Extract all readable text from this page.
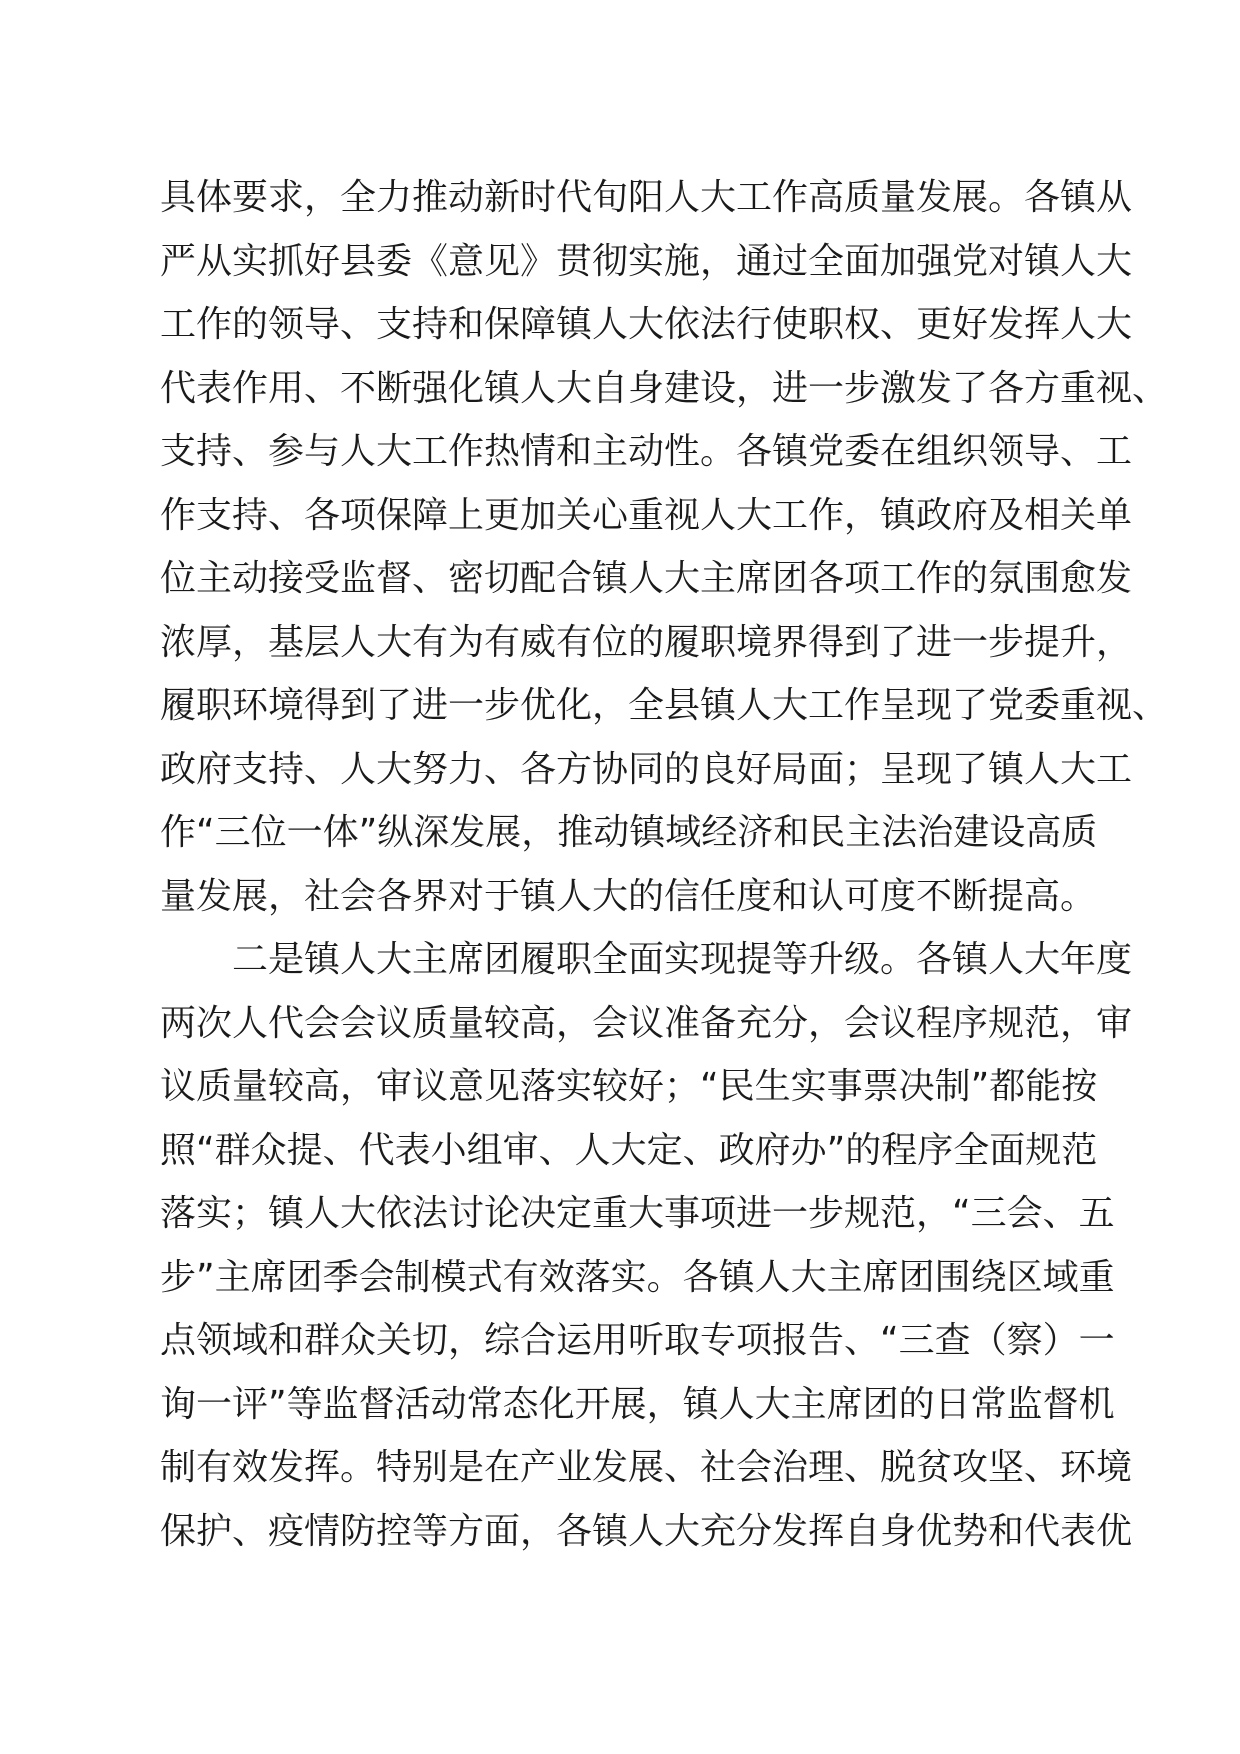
具体要求，全力推动新时代旬阳人大工作高质量发展。各镇从
严从实抓好县委《意见》贯彻实施，通过全面加强党对镇人大
工作的领导、支持和保障镇人大依法行使职权、更好发挥人大
代表作用、不断强化镇人大自身建设，进一步激发了各方重视、
支持、参与人大工作热情和主动性。各镇党委在组织领导、工
作支持、各项保障上更加关心重视人大工作，镇政府及相关单
位主动接受监督、密切配合镇人大主席团各项工作的氛围愈发
浓厚，基层人大有为有威有位的履职境界得到了进一步提升，
履职环境得到了进一步优化，全县镇人大工作呈现了党委重视、
政府支持、人大努力、各方协同的良好局面；呈现了镇人大工
作“三位一体”纵深发展，推动镇域经济和民主法治建设高质
量发展，社会各界对于镇人大的信任度和认可度不断提高。
二是镇人大主席团履职全面实现提等升级。各镇人大年度
两次人代会会议质量较高，会议准备充分，会议程序规范，审
议质量较高，审议意见落实较好；“民生实事票决制”都能按
照“群众提、代表小组审、人大定、政府办”的程序全面规范
落实；镇人大依法讨论决定重大事项进一步规范，“三会、五
步”主席团季会制模式有效落实。各镇人大主席团围绕区域重
点领域和群众关切，综合运用听取专项报告、“三查（察）一
询一评”等监督活动常态化开展，镇人大主席团的日常监督机
制有效发挥。特别是在产业发展、社会治理、脱贫攻坚、环境
保护、疫情防控等方面，各镇人大充分发挥自身优势和代表优
